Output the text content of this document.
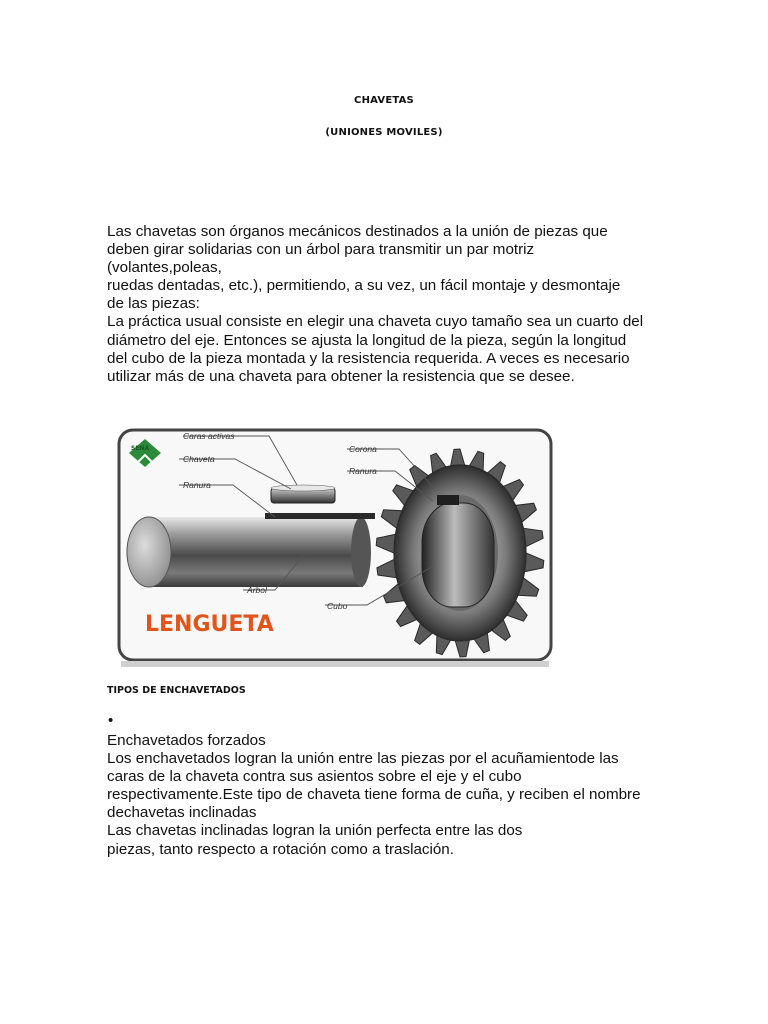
CHAVETAS
(UNIONES MOVILES)
Las chavetas son órganos mecánicos destinados a la unión de piezas que
deben girar solidarias con un árbol para transmitir un par motriz
(volantes,poleas,
ruedas dentadas, etc.), permitiendo, a su vez, un fácil montaje y desmontaje
de las piezas:
La práctica usual consiste en elegir una chaveta cuyo tamaño sea un cuarto del
diámetro del eje. Entonces se ajusta la longitud de la pieza, según la longitud
del cubo de la pieza montada y la resistencia requerida. A veces es necesario
utilizar más de una chaveta para obtener la resistencia que se desee.
SENA
Caras activas
Chaveta
Ranura
Árbol
Corona
Ranura
Cubo
LENGUETA
TIPOS DE ENCHAVETADOS
•
Enchavetados forzados
Los enchavetados logran la unión entre las piezas por el acuñamientode las
caras de la chaveta contra sus asientos sobre el eje y el cubo
respectivamente.Este tipo de chaveta tiene forma de cuña, y reciben el nombre
dechavetas inclinadas
Las chavetas inclinadas logran la unión perfecta entre las dos
piezas, tanto respecto a rotación como a traslación.
